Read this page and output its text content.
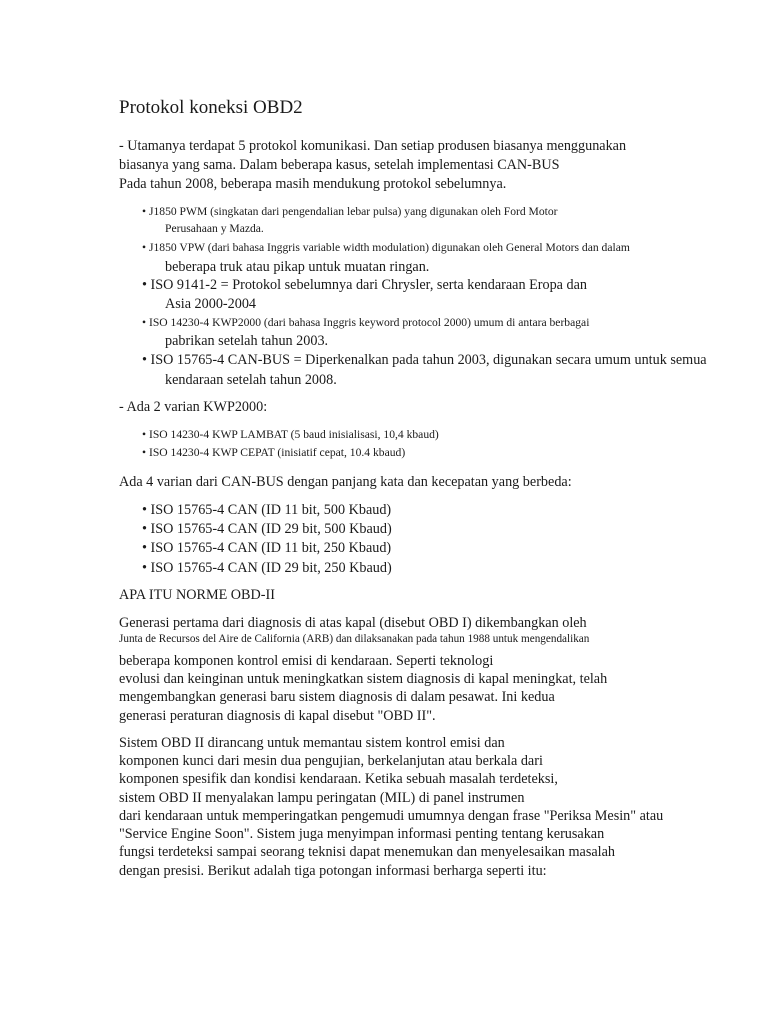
Protokol koneksi OBD2
- Utamanya terdapat 5 protokol komunikasi. Dan setiap produsen biasanya menggunakan
biasanya yang sama. Dalam beberapa kasus, setelah implementasi CAN-BUS
Pada tahun 2008, beberapa masih mendukung protokol sebelumnya.
• J1850 PWM (singkatan dari pengendalian lebar pulsa) yang digunakan oleh Ford Motor
Perusahaan y Mazda.
• J1850 VPW (dari bahasa Inggris variable width modulation) digunakan oleh General Motors dan dalam
beberapa truk atau pikap untuk muatan ringan.
• ISO 9141-2 = Protokol sebelumnya dari Chrysler, serta kendaraan Eropa dan
Asia 2000-2004
• ISO 14230-4 KWP2000 (dari bahasa Inggris keyword protocol 2000) umum di antara berbagai
pabrikan setelah tahun 2003.
• ISO 15765-4 CAN-BUS = Diperkenalkan pada tahun 2003, digunakan secara umum untuk semua
kendaraan setelah tahun 2008.
- Ada 2 varian KWP2000:
• ISO 14230-4 KWP LAMBAT (5 baud inisialisasi, 10,4 kbaud)
• ISO 14230-4 KWP CEPAT (inisiatif cepat, 10.4 kbaud)
Ada 4 varian dari CAN-BUS dengan panjang kata dan kecepatan yang berbeda:
• ISO 15765-4 CAN (ID 11 bit, 500 Kbaud)
• ISO 15765-4 CAN (ID 29 bit, 500 Kbaud)
• ISO 15765-4 CAN (ID 11 bit, 250 Kbaud)
• ISO 15765-4 CAN (ID 29 bit, 250 Kbaud)
APA ITU NORME OBD-II
Generasi pertama dari diagnosis di atas kapal (disebut OBD I) dikembangkan oleh
Junta de Recursos del Aire de California (ARB) dan dilaksanakan pada tahun 1988 untuk mengendalikan
beberapa komponen kontrol emisi di kendaraan. Seperti teknologi
evolusi dan keinginan untuk meningkatkan sistem diagnosis di kapal meningkat, telah
mengembangkan generasi baru sistem diagnosis di dalam pesawat. Ini kedua
generasi peraturan diagnosis di kapal disebut "OBD II".
Sistem OBD II dirancang untuk memantau sistem kontrol emisi dan
komponen kunci dari mesin dua pengujian, berkelanjutan atau berkala dari
komponen spesifik dan kondisi kendaraan. Ketika sebuah masalah terdeteksi,
sistem OBD II menyalakan lampu peringatan (MIL) di panel instrumen
dari kendaraan untuk memperingatkan pengemudi umumnya dengan frase "Periksa Mesin" atau
"Service Engine Soon". Sistem juga menyimpan informasi penting tentang kerusakan
fungsi terdeteksi sampai seorang teknisi dapat menemukan dan menyelesaikan masalah
dengan presisi. Berikut adalah tiga potongan informasi berharga seperti itu:
